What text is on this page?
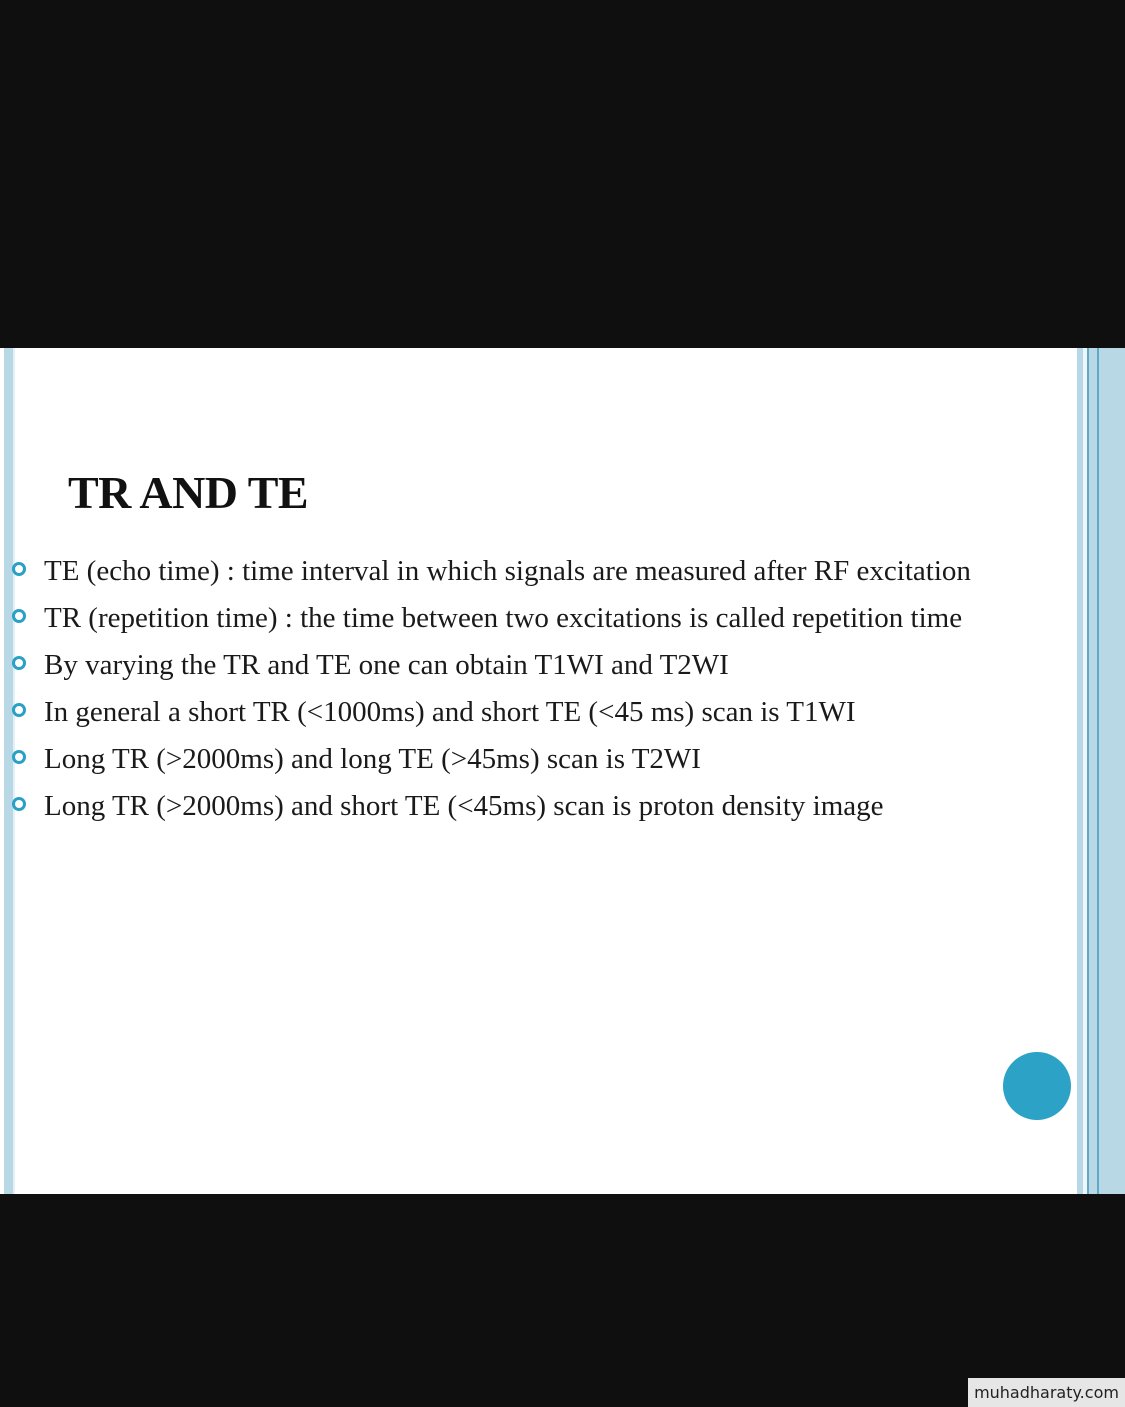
TR AND TE
TE (echo time) : time interval in which signals are measured after RF excitation
TR (repetition time) : the time between two excitations is called repetition time
By varying the TR and TE one can obtain T1WI and T2WI
In general a short TR (<1000ms) and short TE (<45 ms) scan is T1WI
Long TR (>2000ms) and long TE (>45ms) scan is T2WI
Long TR (>2000ms) and short TE (<45ms) scan is proton density image
muhadharaty.com
